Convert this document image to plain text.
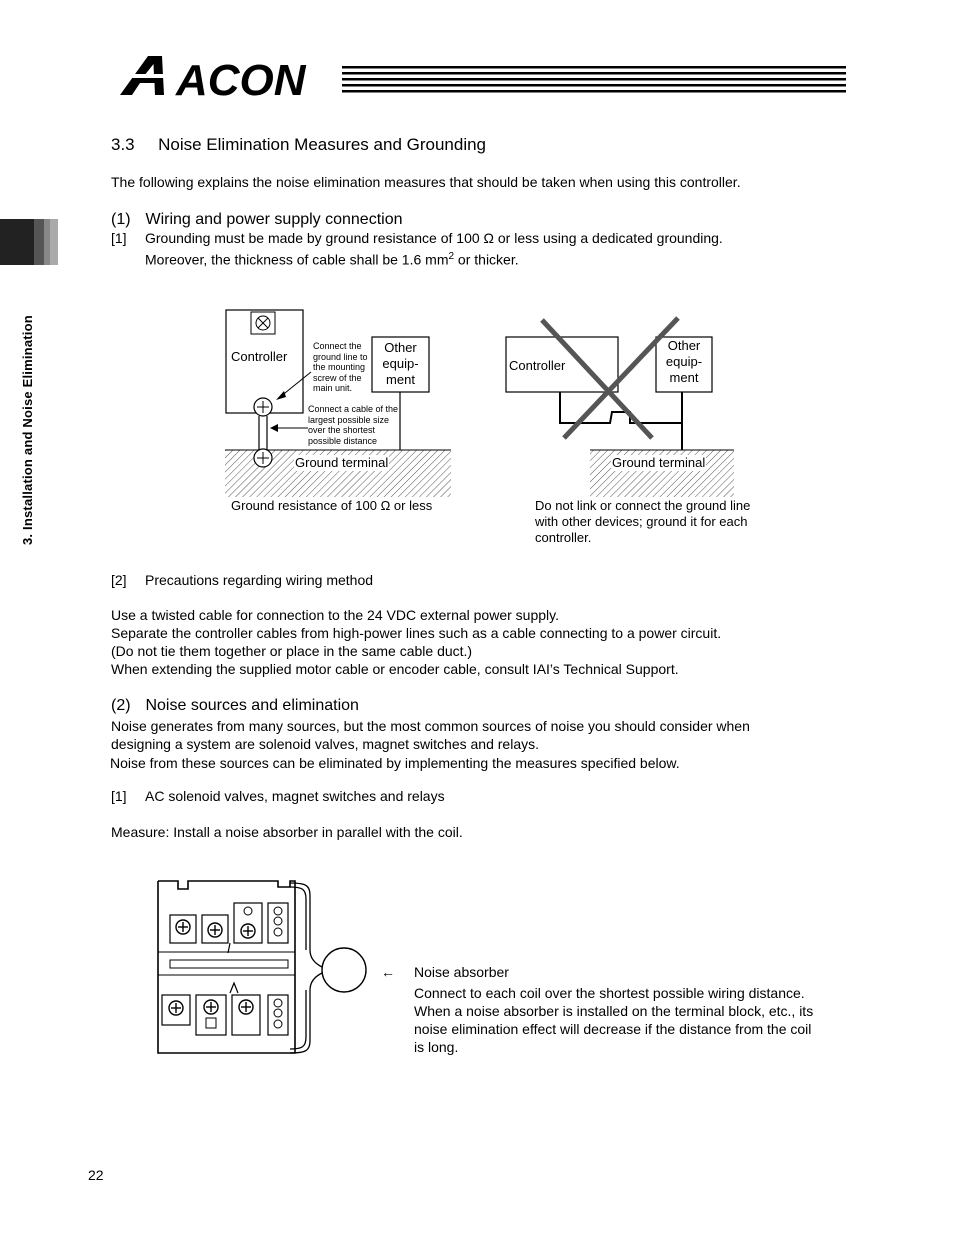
ACON
3. Installation and Noise Elimination
3.3 Noise Elimination Measures and Grounding
The following explains the noise elimination measures that should be taken when using this controller.
(1) Wiring and power supply connection
[1] Grounding must be made by ground resistance of 100 Ω or less using a dedicated grounding.
Moreover, the thickness of cable shall be 1.6 $mm^2$ or thicker.
Controller
Other
equip-
ment
Connect the
ground line to
the mounting
screw of the
main unit.
Connect a cable of the
largest possible size
over the shortest
possible distance
Ground terminal
Ground resistance of 100 Ω or less
Controller
Other
equip-
ment
Ground terminal
Do not link or connect the ground line
with other devices; ground it for each
controller.
[2] Precautions regarding wiring method
Use a twisted cable for connection to the 24 VDC external power supply.
Separate the controller cables from high-power lines such as a cable connecting to a power circuit.
(Do not tie them together or place in the same cable duct.)
When extending the supplied motor cable or encoder cable, consult IAI’s Technical Support.
(2) Noise sources and elimination
Noise generates from many sources, but the most common sources of noise you should consider when
designing a system are solenoid valves, magnet switches and relays.
Noise from these sources can be eliminated by implementing the measures specified below.
[1] AC solenoid valves, magnet switches and relays
Measure: Install a noise absorber in parallel with the coil.
← Noise absorber
Connect to each coil over the shortest possible wiring distance.
When a noise absorber is installed on the terminal block, etc., its
noise elimination effect will decrease if the distance from the coil
is long.
22
